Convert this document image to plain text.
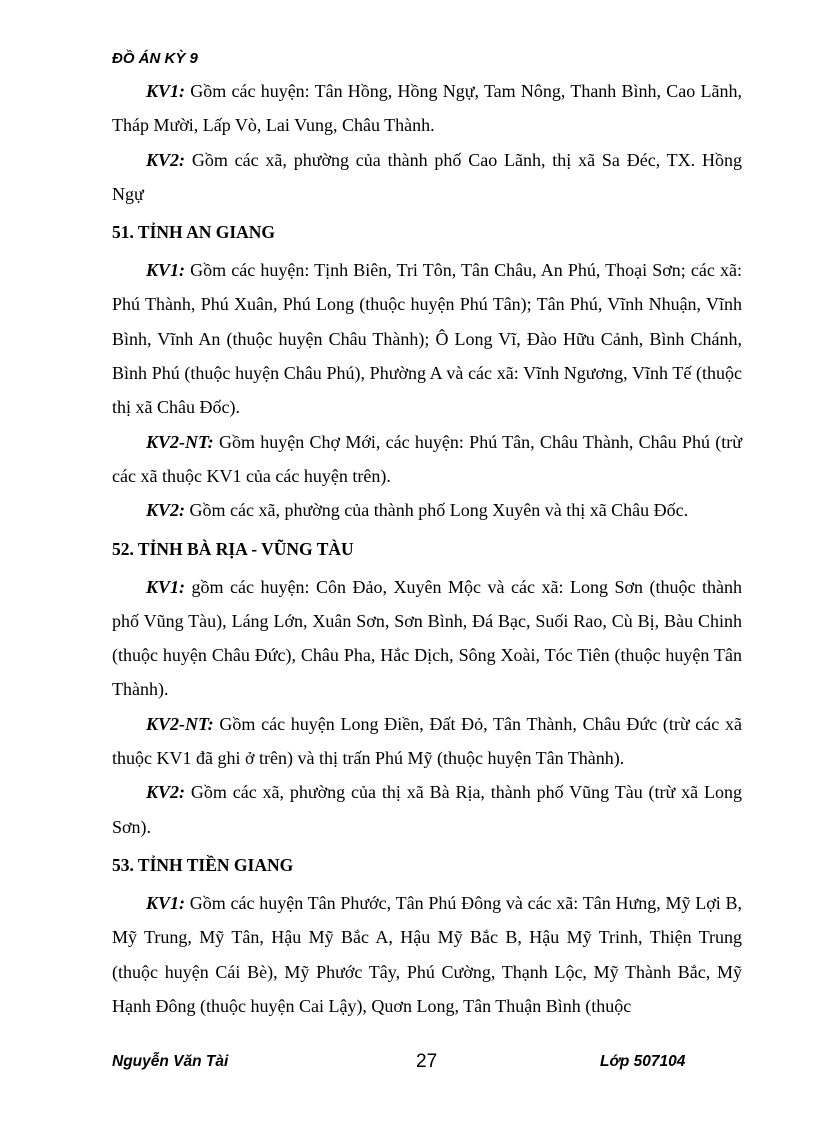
ĐỒ ÁN KỲ 9

KV1: Gồm các huyện: Tân Hồng, Hồng Ngự, Tam Nông, Thanh Bình, Cao Lãnh, Tháp Mười, Lấp Vò, Lai Vung, Châu Thành.

KV2: Gồm các xã, phường của thành phố Cao Lãnh, thị xã Sa Đéc, TX. Hồng Ngự

51. TỈNH AN GIANG

KV1: Gồm các huyện: Tịnh Biên, Tri Tôn, Tân Châu, An Phú, Thoại Sơn; các xã: Phú Thành, Phú Xuân, Phú Long (thuộc huyện Phú Tân); Tân Phú, Vĩnh Nhuận, Vĩnh Bình, Vĩnh An (thuộc huyện Châu Thành); Ô Long Vĩ, Đào Hữu Cảnh, Bình Chánh, Bình Phú (thuộc huyện Châu Phú), Phường A và các xã: Vĩnh Ngương, Vĩnh Tế (thuộc thị xã Châu Đốc).

KV2-NT: Gồm huyện Chợ Mới, các huyện: Phú Tân, Châu Thành, Châu Phú (trừ các xã thuộc KV1 của các huyện trên).

KV2: Gồm các xã, phường của thành phố Long Xuyên và thị xã Châu Đốc.

52. TỈNH BÀ RỊA - VŨNG TÀU

KV1: gồm các huyện: Côn Đảo, Xuyên Mộc và các xã: Long Sơn (thuộc thành phố Vũng Tàu), Láng Lớn, Xuân Sơn, Sơn Bình, Đá Bạc, Suối Rao, Cù Bị, Bàu Chinh (thuộc huyện Châu Đức), Châu Pha, Hắc Dịch, Sông Xoài, Tóc Tiên (thuộc huyện Tân Thành).

KV2-NT: Gồm các huyện Long Điền, Đất Đỏ, Tân Thành, Châu Đức (trừ các xã thuộc KV1 đã ghi ở trên) và thị trấn Phú Mỹ (thuộc huyện Tân Thành).

KV2: Gồm các xã, phường của thị xã Bà Rịa, thành phố Vũng Tàu (trừ xã Long Sơn).

53. TỈNH TIỀN GIANG

KV1: Gồm các huyện Tân Phước, Tân Phú Đông và các xã: Tân Hưng, Mỹ Lợi B, Mỹ Trung, Mỹ Tân, Hậu Mỹ Bắc A, Hậu Mỹ Bắc B, Hậu Mỹ Trinh, Thiện Trung (thuộc huyện Cái Bè), Mỹ Phước Tây, Phú Cường, Thạnh Lộc, Mỹ Thành Bắc, Mỹ Hạnh Đông (thuộc huyện Cai Lậy), Quơn Long, Tân Thuận Bình (thuộc

Nguyễn Văn Tài	27	Lớp 507104
